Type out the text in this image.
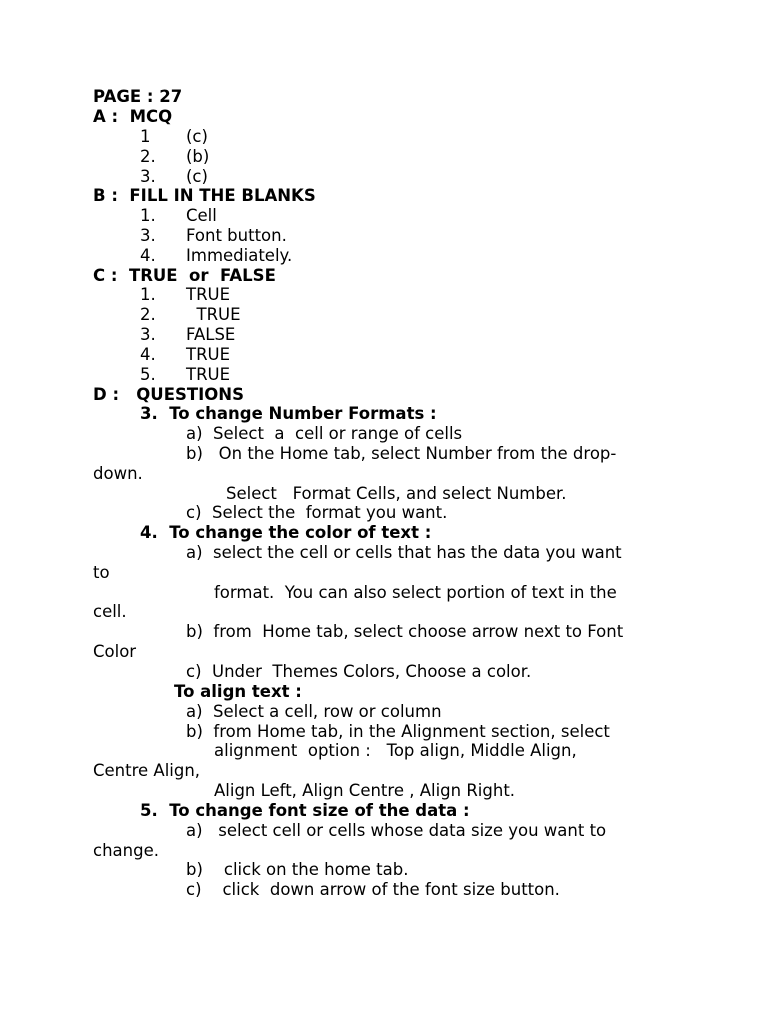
PAGE : 27
A :  MCQ
1 (c)
2. (b)
3. (c)
B :  FILL IN THE BLANKS
1. Cell
3. Font button.
4. Immediately.
C :  TRUE  or  FALSE
1. TRUE
2.  TRUE
3. FALSE
4. TRUE
5. TRUE
D :   QUESTIONS
3.  To change Number Formats :
a)  Select  a  cell or range of cells
b)   On the Home tab, select Number from the drop-
down.
Select   Format Cells, and select Number.
c)  Select the  format you want.
4.  To change the color of text :
a)  select the cell or cells that has the data you want
to
format.  You can also select portion of text in the
cell.
b)  from  Home tab, select choose arrow next to Font
Color
c)  Under  Themes Colors, Choose a color.
To align text :
a)  Select a cell, row or column
b)  from Home tab, in the Alignment section, select
alignment  option :   Top align, Middle Align,
Centre Align,
Align Left, Align Centre , Align Right.
5.  To change font size of the data :
a)   select cell or cells whose data size you want to
change.
b)    click on the home tab.
c)    click  down arrow of the font size button.
